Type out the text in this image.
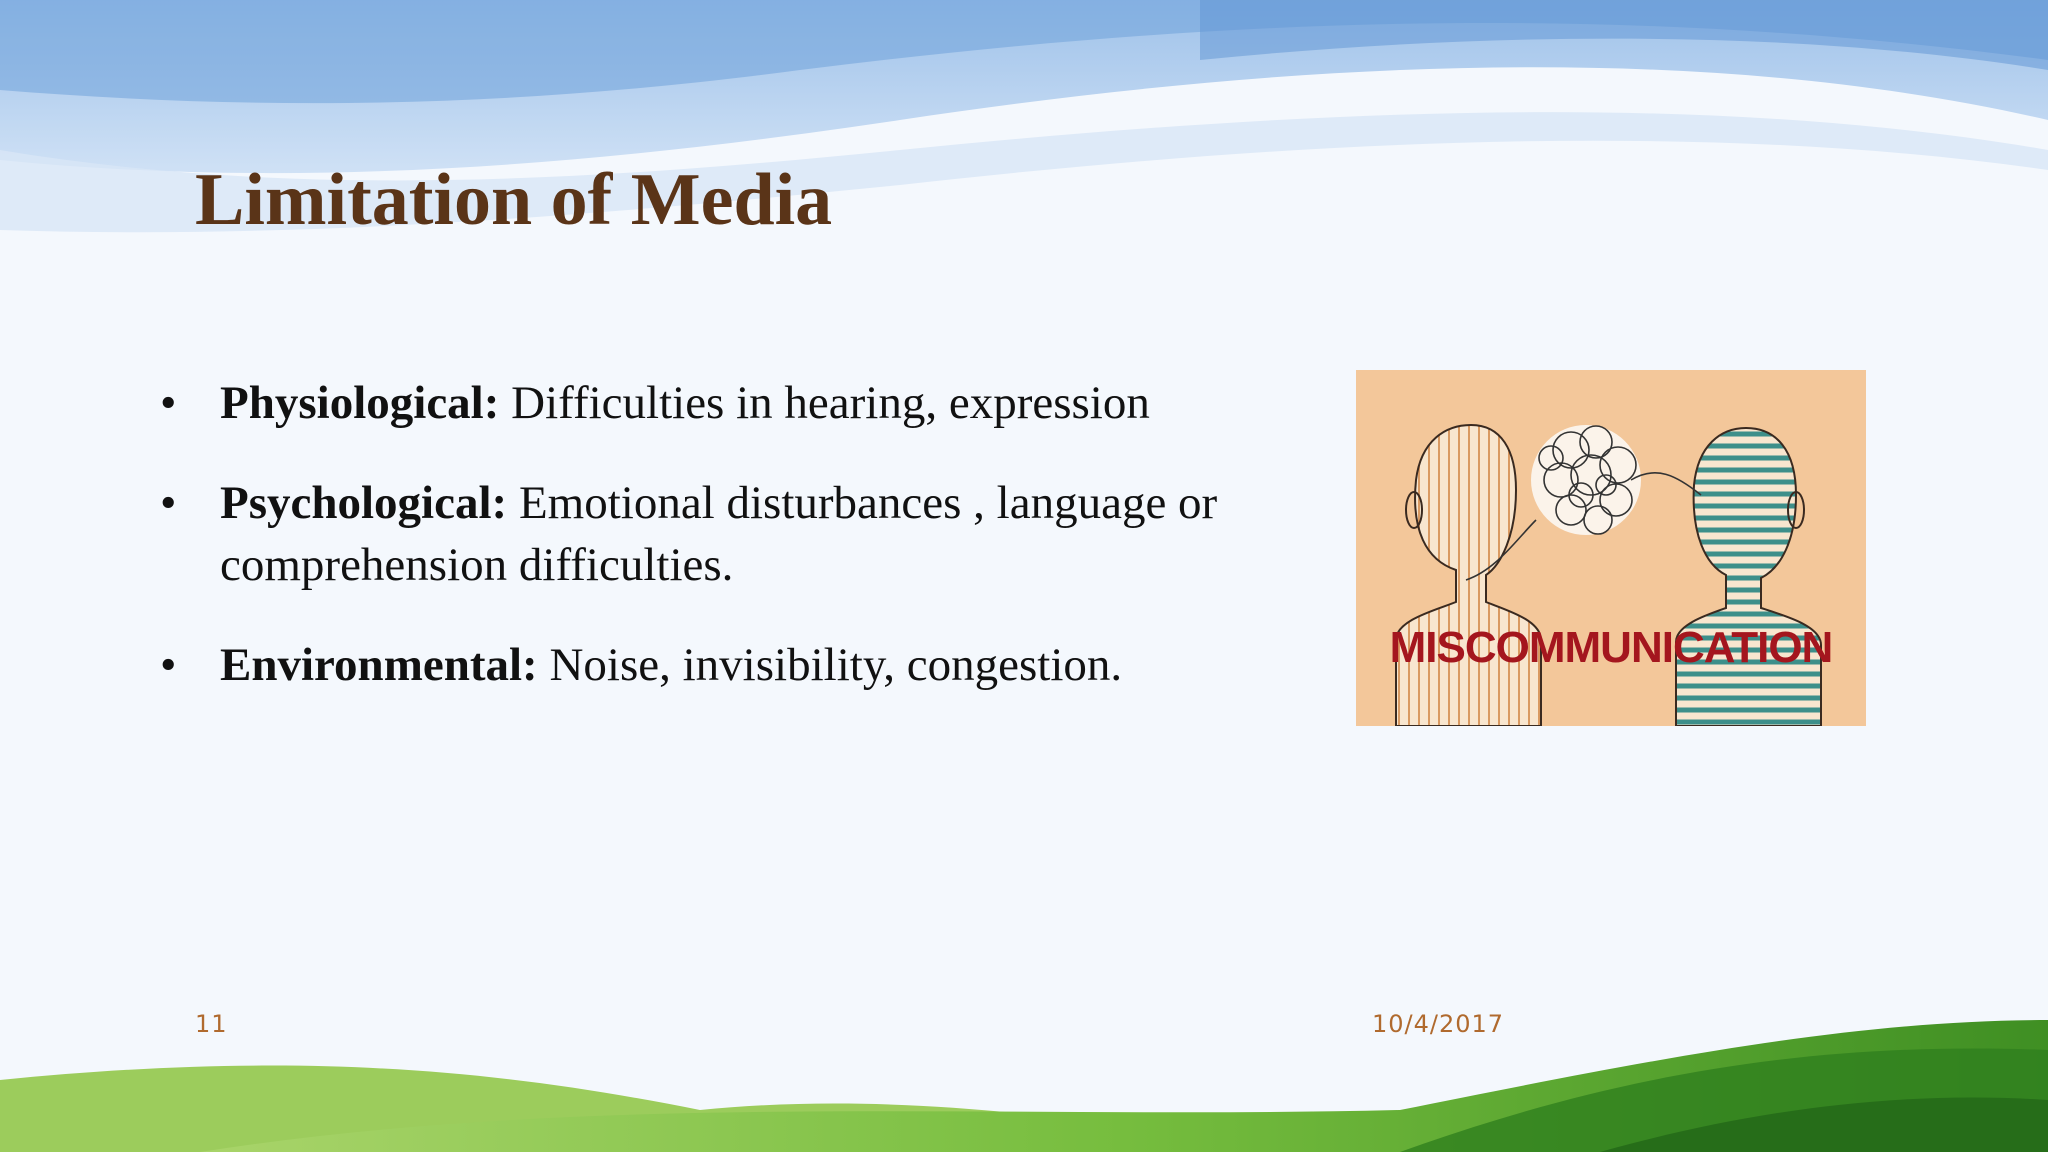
Limitation of Media
• Physiological: Difficulties in hearing, expression
• Psychological: Emotional disturbances , language or comprehension difficulties.
• Environmental: Noise, invisibility, congestion.	MISCOMMUNICATION
11	10/4/2017
